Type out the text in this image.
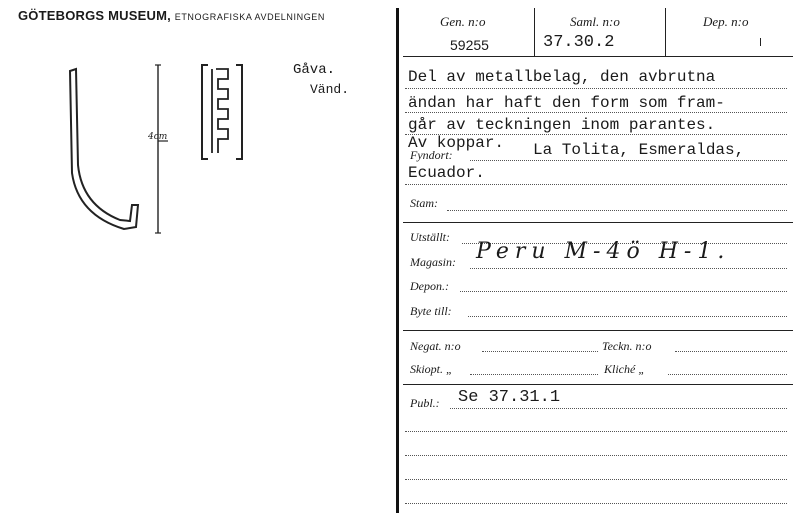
GÖTEBORGS MUSEUM, ETNOGRAFISKA AVDELNINGEN
4cm
Gåva.
Vänd.
Gen. n:o
59255
Saml. n:o
37.30.2
Dep. n:o
Del av metallbelag, den avbrutna
ändan har haft den form som fram-
går av teckningen inom parantes.
Av koppar.
Fyndort:	La Tolita, Esmeraldas,
Ecuador.
Stam:
Utställt:
Magasin: Peru M-4ö H-1.
Depon.:
Byte till:
Negat. n:o	Teckn. n:o
Skiopt. „	Kliché „
Publ.: Se 37.31.1
